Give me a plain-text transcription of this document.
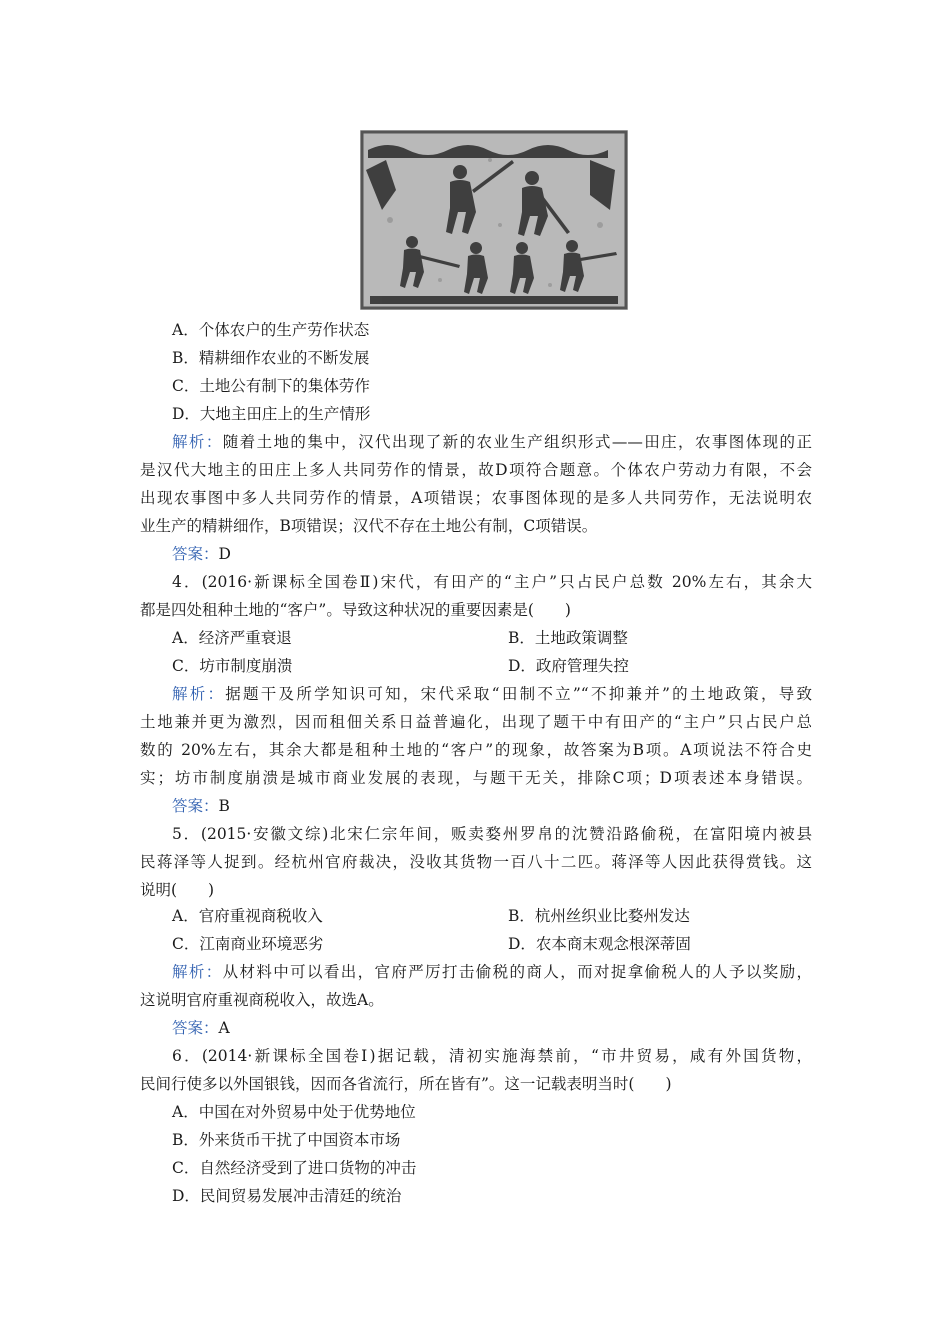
A．个体农户的生产劳作状态
B．精耕细作农业的不断发展
C．土地公有制下的集体劳作
D．大地主田庄上的生产情形
解析：随着土地的集中，汉代出现了新的农业生产组织形式——田庄，农事图体现的正
是汉代大地主的田庄上多人共同劳作的情景，故D项符合题意。个体农户劳动力有限，不会
出现农事图中多人共同劳作的情景，A项错误；农事图体现的是多人共同劳作，无法说明农
业生产的精耕细作，B项错误；汉代不存在土地公有制，C项错误。
答案：D
4．(2016·新课标全国卷Ⅱ)宋代，有田产的“主户”只占民户总数 20%左右，其余大
都是四处租种土地的“客户”。导致这种状况的重要因素是(　　)
A．经济严重衰退	B．土地政策调整
C．坊市制度崩溃	D．政府管理失控
解析：据题干及所学知识可知，宋代采取“田制不立”“不抑兼并”的土地政策，导致
土地兼并更为激烈，因而租佃关系日益普遍化，出现了题干中有田产的“主户”只占民户总
数的 20%左右，其余大都是租种土地的“客户”的现象，故答案为B项。A项说法不符合史
实；坊市制度崩溃是城市商业发展的表现，与题干无关，排除C项；D项表述本身错误。
答案：B
5．(2015·安徽文综)北宋仁宗年间，贩卖婺州罗帛的沈赞沿路偷税，在富阳境内被县
民蒋泽等人捉到。经杭州官府裁决，没收其货物一百八十二匹。蒋泽等人因此获得赏钱。这
说明(　　)
A．官府重视商税收入	B．杭州丝织业比婺州发达
C．江南商业环境恶劣	D．农本商末观念根深蒂固
解析：从材料中可以看出，官府严厉打击偷税的商人，而对捉拿偷税人的人予以奖励，
这说明官府重视商税收入，故选A。
答案：A
6．(2014·新课标全国卷Ⅰ)据记载，清初实施海禁前，“市井贸易，咸有外国货物，
民间行使多以外国银钱，因而各省流行，所在皆有”。这一记载表明当时(　　)
A．中国在对外贸易中处于优势地位
B．外来货币干扰了中国资本市场
C．自然经济受到了进口货物的冲击
D．民间贸易发展冲击清廷的统治
